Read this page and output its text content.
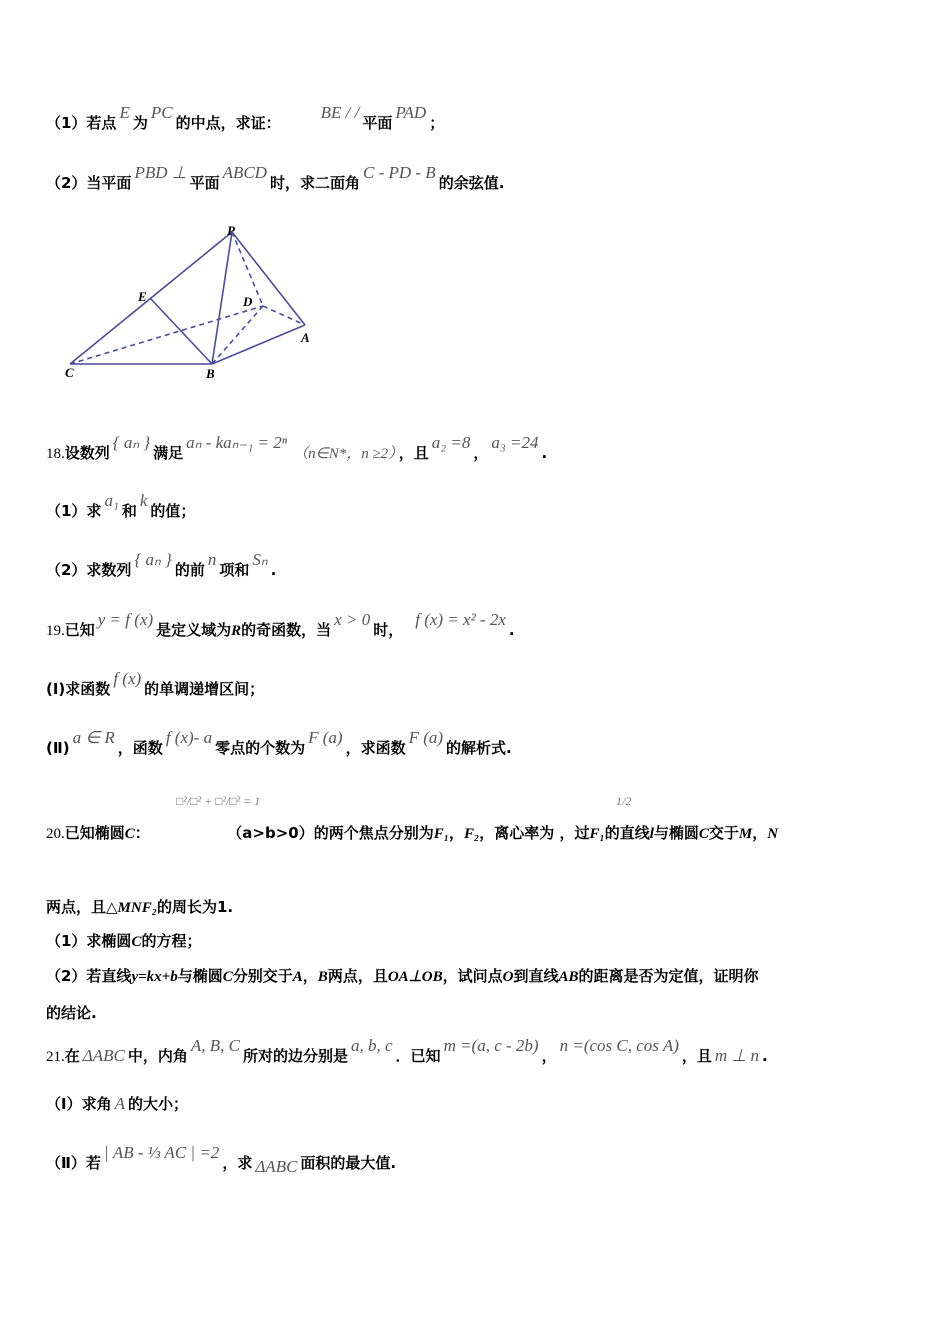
（1）若点E为PC的中点，求证：BE / /平面PAD；
（2）当平面PBD ⊥平面ABCD时，求二面角C - PD - B的余弦值.
P
E	D
A
C	B
18.设数列{ aₙ }满足aₙ - kaₙ₋₁ = 2ⁿ（n∈N*，n ≥2） ，且a₂ =8，a₃ =24.
（1）求a₁和k的值；
（2）求数列{ aₙ }的前n项和Sₙ.
19.已知y = f (x)是定义域为R的奇函数，当x > 0时，f (x) = x² - 2x.
(Ⅰ)求函数f (x)的单调递增区间；
(Ⅱ)a ∈ R，函数f (x)- a零点的个数为F (a)，求函数F (a)的解析式.
□²/□² + □²/□² = 1	1/2
20.已知椭圆C：	（a>b>0）的两个焦点分别为F₁，F₂，离心率为 ，过F₁的直线l与椭圆C交于M，N
两点，且△MNF₂的周长为1.
（1）求椭圆C的方程；
（2）若直线y=kx+b与椭圆C分别交于A，B两点，且OA⊥OB，试问点O到直线AB的距离是否为定值，证明你
的结论.
21.在 ΔABC 中，内角A, B, C所对的边分别是a, b, c．已知m =(a, c - 2b)，n =(cos C, cos A)，且 m ⊥ n .
（Ⅰ）求角 A 的大小；
（Ⅱ）若| AB - ⅓ AC | =2，求 ΔABC 面积的最大值.
